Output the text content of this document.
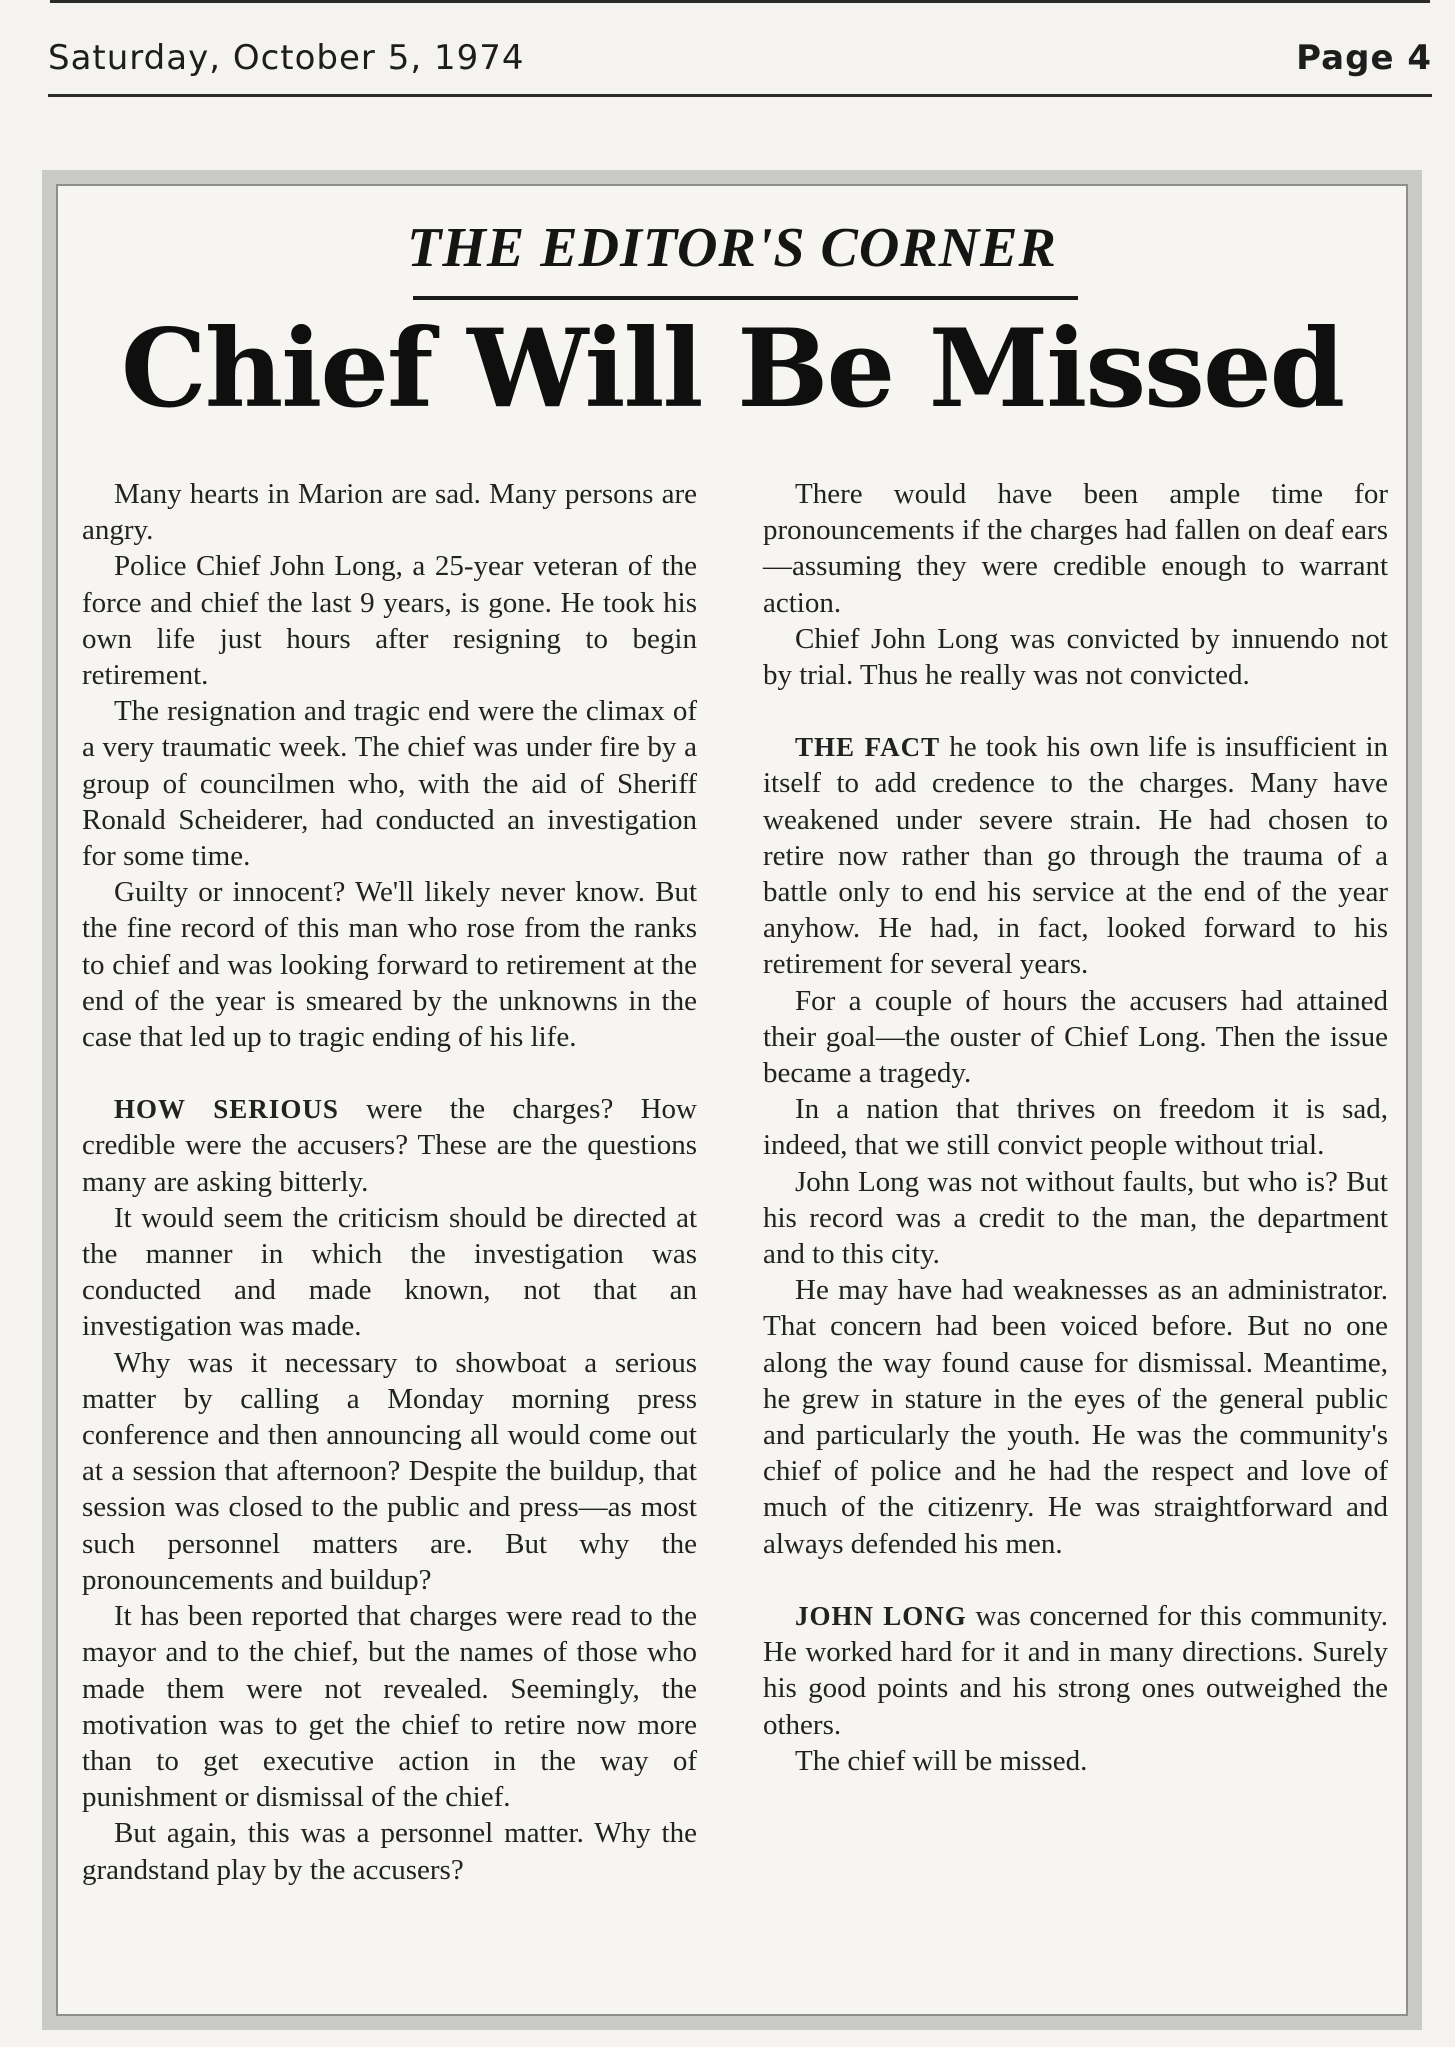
Saturday, October 5, 1974	Page 4
THE EDITOR'S CORNER
Chief Will Be Missed

Many hearts in Marion are sad. Many persons are angry.

Police Chief John Long, a 25-year veteran of the force and chief the last 9 years, is gone. He took his own life just hours after resigning to begin retirement.

The resignation and tragic end were the climax of a very traumatic week. The chief was under fire by a group of councilmen who, with the aid of Sheriff Ronald Scheiderer, had conducted an investigation for some time.

Guilty or innocent? We'll likely never know. But the fine record of this man who rose from the ranks to chief and was looking forward to retirement at the end of the year is smeared by the unknowns in the case that led up to tragic ending of his life.

HOW SERIOUS were the charges? How credible were the accusers? These are the questions many are asking bitterly.

It would seem the criticism should be directed at the manner in which the investigation was conducted and made known, not that an investigation was made.

Why was it necessary to showboat a serious matter by calling a Monday morning press conference and then announcing all would come out at a session that afternoon? Despite the buildup, that session was closed to the public and press—as most such personnel matters are. But why the pronouncements and buildup?

It has been reported that charges were read to the mayor and to the chief, but the names of those who made them were not revealed. Seemingly, the motivation was to get the chief to retire now more than to get executive action in the way of punishment or dismissal of the chief.

But again, this was a personnel matter. Why the grandstand play by the accusers?

There would have been ample time for pronouncements if the charges had fallen on deaf ears—assuming they were credible enough to warrant action.

Chief John Long was convicted by innuendo not by trial. Thus he really was not convicted.

THE FACT he took his own life is insufficient in itself to add credence to the charges. Many have weakened under severe strain. He had chosen to retire now rather than go through the trauma of a battle only to end his service at the end of the year anyhow. He had, in fact, looked forward to his retirement for several years.

For a couple of hours the accusers had attained their goal—the ouster of Chief Long. Then the issue became a tragedy.

In a nation that thrives on freedom it is sad, indeed, that we still convict people without trial.

John Long was not without faults, but who is? But his record was a credit to the man, the department and to this city.

He may have had weaknesses as an administrator. That concern had been voiced before. But no one along the way found cause for dismissal. Meantime, he grew in stature in the eyes of the general public and particularly the youth. He was the community's chief of police and he had the respect and love of much of the citizenry. He was straightforward and always defended his men.

JOHN LONG was concerned for this community. He worked hard for it and in many directions. Surely his good points and his strong ones outweighed the others.

The chief will be missed.
